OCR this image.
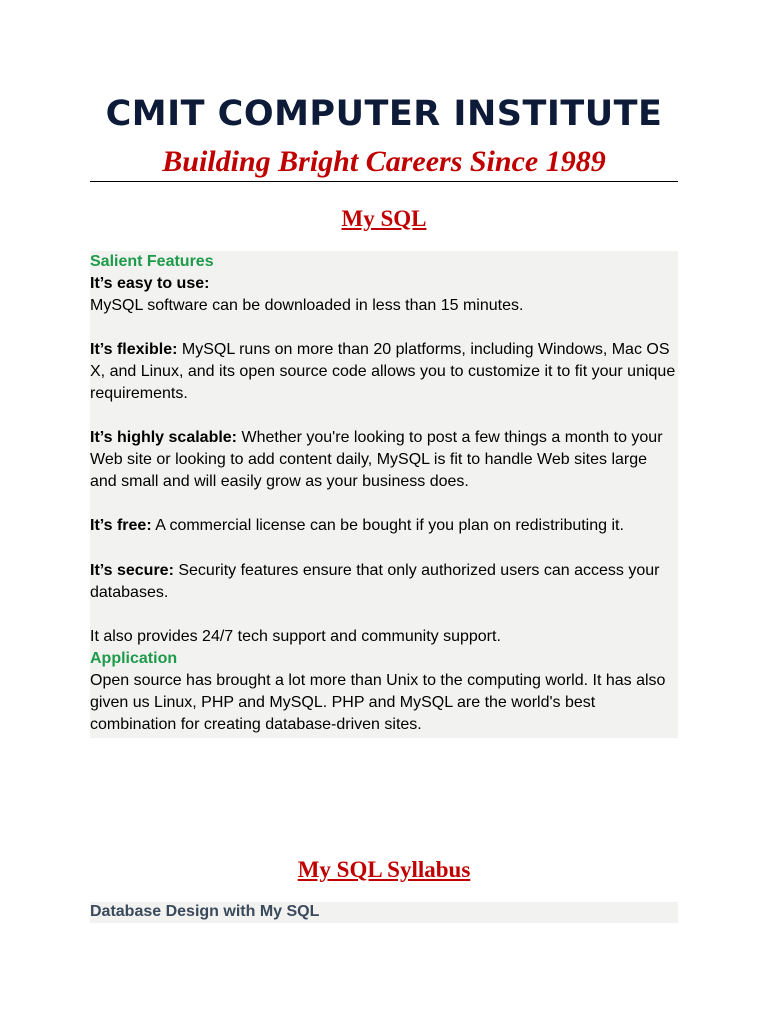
CMIT COMPUTER INSTITUTE
Building Bright Careers Since 1989
My SQL
Salient Features
It’s easy to use:
MySQL software can be downloaded in less than 15 minutes.
It’s flexible: MySQL runs on more than 20 platforms, including Windows, Mac OS X, and Linux, and its open source code allows you to customize it to fit your unique requirements.
It’s highly scalable: Whether you're looking to post a few things a month to your Web site or looking to add content daily, MySQL is fit to handle Web sites large and small and will easily grow as your business does.
It’s free: A commercial license can be bought if you plan on redistributing it.
It’s secure: Security features ensure that only authorized users can access your databases.
It also provides 24/7 tech support and community support.
Application
Open source has brought a lot more than Unix to the computing world. It has also given us Linux, PHP and MySQL. PHP and MySQL are the world's best combination for creating database-driven sites.
My SQL Syllabus
Database Design with My SQL
